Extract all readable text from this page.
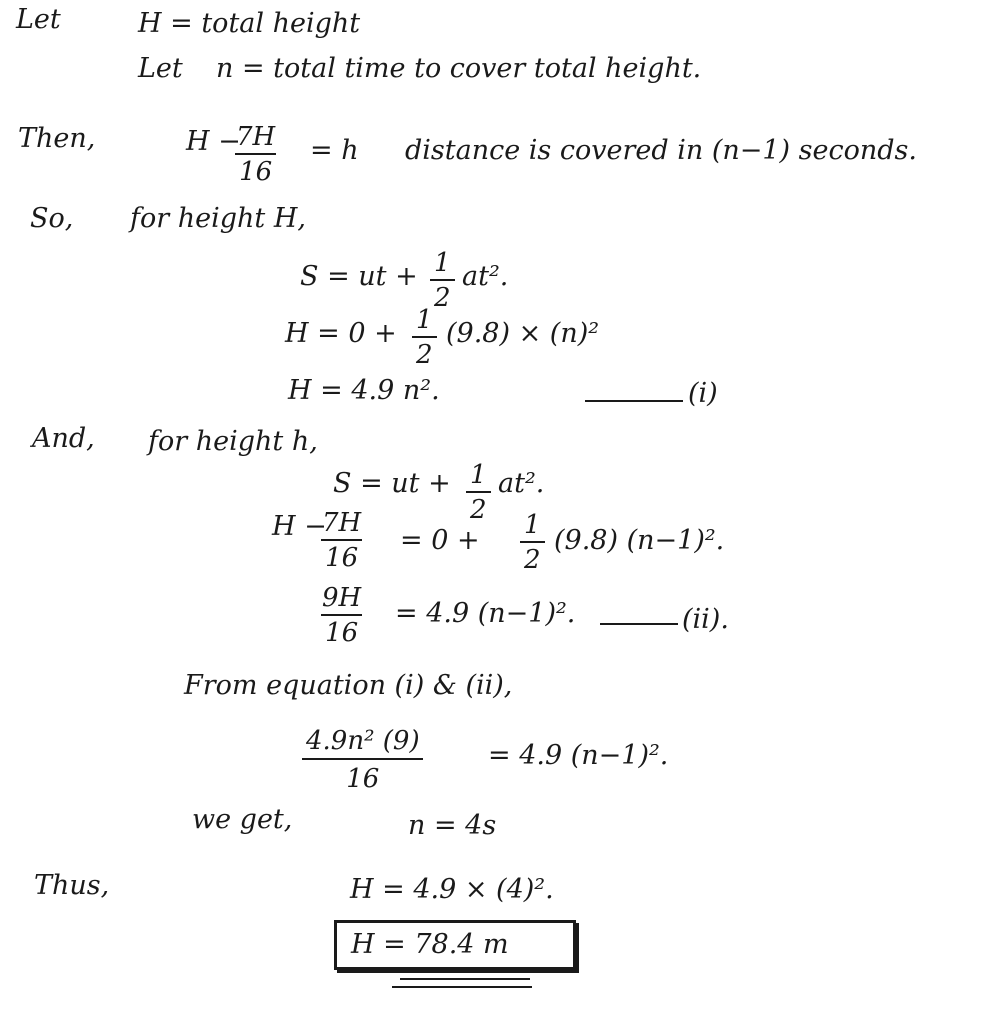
Let	H = total height
Let n = total time to cover total height.
Then,	H −
$\frac{7H}{16} = h$ distance is covered in (n−1) seconds.
So, for height H,
S = ut + $\frac{1}{2} at^2$.
$H = 0 + \frac{1}{2} (9.8) \times (n)^2$
H = 4.9 n².	(i)
And, for height h,
S = ut + $\frac{1}{2} at^2$.
H −
$\frac{7H}{16} = 0 + \frac{1}{2} (9.8)$ (n−1)².
$\frac{9H}{16} = 4.9$ (n−1)².	(ii).
From equation (i) & (ii),
$\frac{\text{4.9n² (9)}}{16} = 4.9$ (n−1)².
we get,	n = 4s
Thus,	H = 4.9 × (4)².
H = 78.4 m
